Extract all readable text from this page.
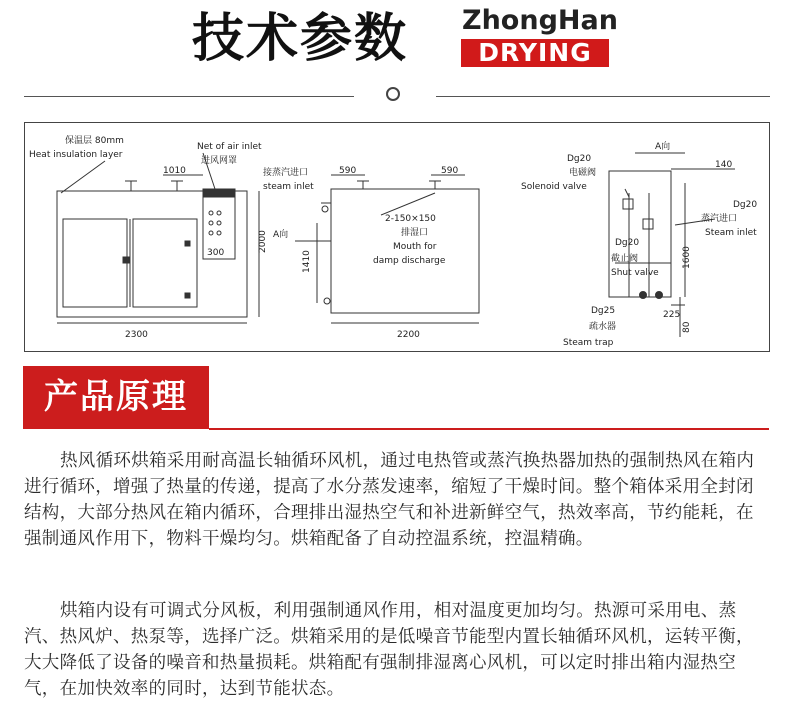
技术参数 ZhongHan
DRYING
保温层 80mm
Heat insulation layer
Net of air inlet
进风网罩
1010
300	2000
2300
接蒸汽进口
steam inlet
590	590
2-150×150
排湿口
Mouth for
damp discharge
A向
1410
2200
A向
Dg20
电磁阀
Solenoid valve
140
Dg20
蒸汽进口
Steam inlet
Dg20
截止阀
Shut valve
1600
Dg25
疏水器
Steam trap
225
80
产品原理
热风循环烘箱采用耐高温长轴循环风机，通过电热管或蒸汽换热器加热的强制热风在箱内进行循环，增强了热量的传递，提高了水分蒸发速率，缩短了干燥时间。整个箱体采用全封闭结构，大部分热风在箱内循环，合理排出湿热空气和补进新鲜空气，热效率高，节约能耗，在强制通风作用下，物料干燥均匀。烘箱配备了自动控温系统，控温精确。
烘箱内设有可调式分风板，利用强制通风作用，相对温度更加均匀。热源可采用电、蒸汽、热风炉、热泵等，选择广泛。烘箱采用的是低噪音节能型内置长轴循环风机，运转平衡，大大降低了设备的噪音和热量损耗。烘箱配有强制排湿离心风机，可以定时排出箱内湿热空气，在加快效率的同时，达到节能状态。
